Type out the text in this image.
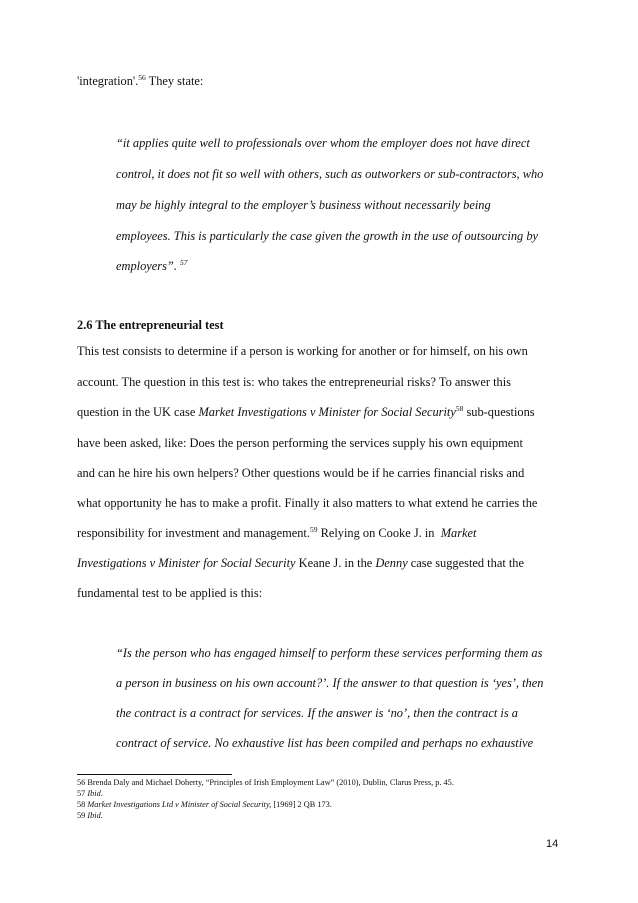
'integration'.$^{56}$ They state:
“it applies quite well to professionals over whom the employer does not have direct
control, it does not fit so well with others, such as outworkers or sub-contractors, who
may be highly integral to the employer’s business without necessarily being
employees. This is particularly the case given the growth in the use of outsourcing by
employers”. $^{57}$
2.6 The entrepreneurial test
This test consists to determine if a person is working for another or for himself, on his own
account. The question in this test is: who takes the entrepreneurial risks? To answer this
question in the UK case Market Investigations v Minister for Social Security$^{58}$ sub-questions
have been asked, like: Does the person performing the services supply his own equipment
and can he hire his own helpers? Other questions would be if he carries financial risks and
what opportunity he has to make a profit. Finally it also matters to what extend he carries the
responsibility for investment and management.$^{59}$ Relying on Cooke J. in  Market
Investigations v Minister for Social Security Keane J. in the Denny case suggested that the
fundamental test to be applied is this:
“Is the person who has engaged himself to perform these services performing them as
a person in business on his own account?’. If the answer to that question is ‘yes’, then
the contract is a contract for services. If the answer is ‘no’, then the contract is a
contract of service. No exhaustive list has been compiled and perhaps no exhaustive
56 Brenda Daly and Michael Doherty, “Principles of Irish Employment Law” (2010), Dublin, Clarus Press, p. 45.
57 Ibid.
58 Market Investigations Ltd v Minister of Social Security, [1969] 2 QB 173.
59 Ibid.
14
